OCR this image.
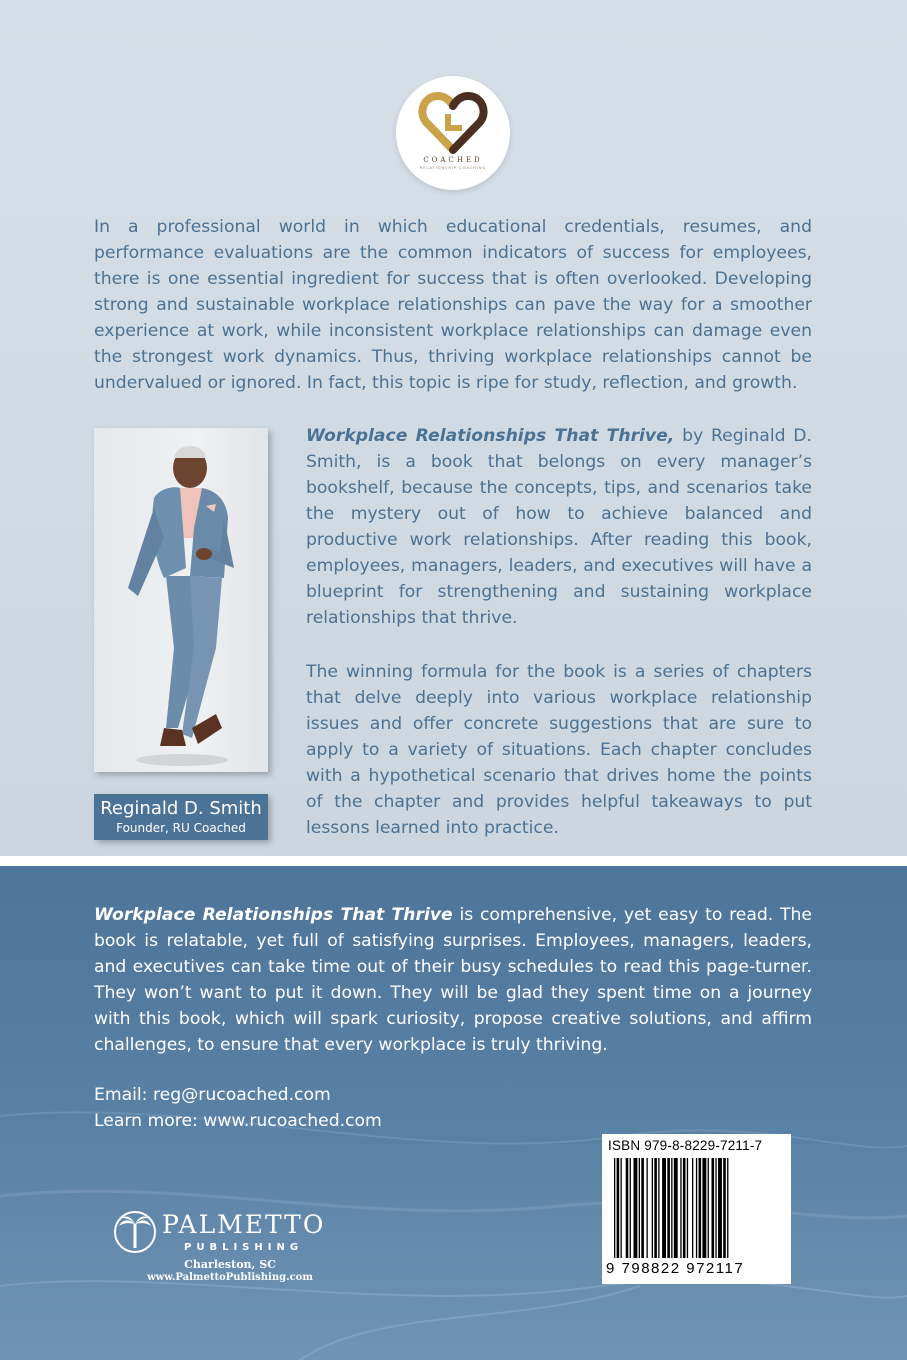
COACHED
RELATIONSHIP COACHING

In a professional world in which educational credentials, resumes, and performance evaluations are the common indicators of success for employees, there is one essential ingredient for success that is often overlooked. Developing strong and sustainable workplace relationships can pave the way for a smoother experience at work, while inconsistent workplace relationships can damage even the strongest work dynamics. Thus, thriving workplace relationships cannot be undervalued or ignored. In fact, this topic is ripe for study, reflection, and growth.

Reginald D. Smith
Founder, RU Coached

Workplace Relationships That Thrive, by Reginald D. Smith, is a book that belongs on every manager’s bookshelf, because the concepts, tips, and scenarios take the mystery out of how to achieve balanced and productive work relationships. After reading this book, employees, managers, leaders, and executives will have a blueprint for strengthening and sustaining workplace relationships that thrive.

The winning formula for the book is a series of chapters that delve deeply into various workplace relationship issues and offer concrete suggestions that are sure to apply to a variety of situations. Each chapter concludes with a hypothetical scenario that drives home the points of the chapter and provides helpful takeaways to put lessons learned into practice.

Workplace Relationships That Thrive is comprehensive, yet easy to read. The book is relatable, yet full of satisfying surprises. Employees, managers, leaders, and executives can take time out of their busy schedules to read this page-turner. They won’t want to put it down. They will be glad they spent time on a journey with this book, which will spark curiosity, propose creative solutions, and affirm challenges, to ensure that every workplace is truly thriving.

Email: reg@rucoached.com
Learn more: www.rucoached.com
PALMETTO
PUBLISHING
Charleston, SC
www.PalmettoPublishing.com
ISBN 979-8-8229-7211-7
9 798822 972117
